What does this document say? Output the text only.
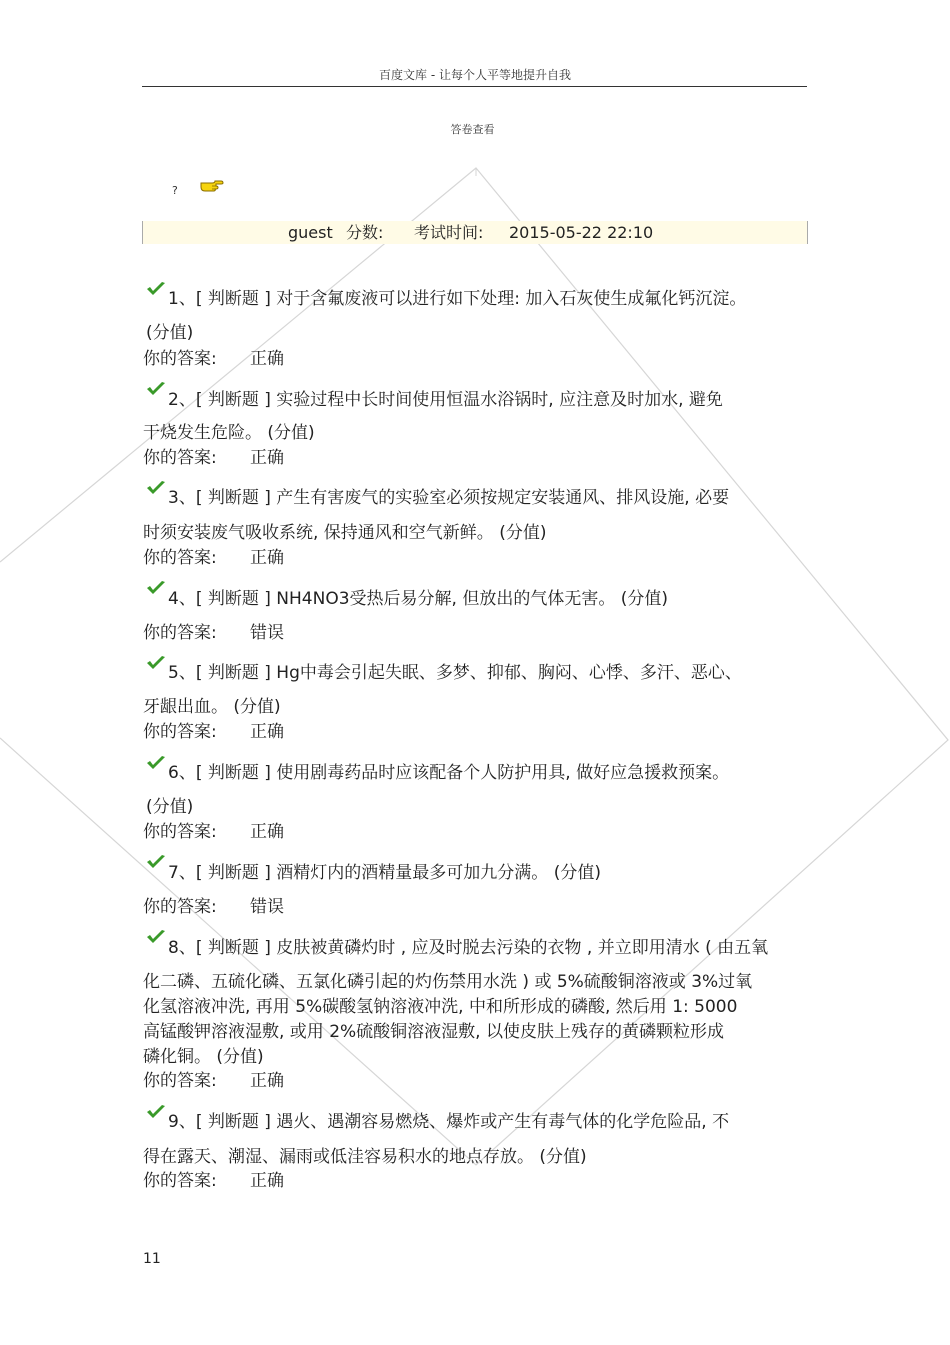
百度文库 - 让每个人平等地提升自我
答卷查看
?
guest 分数: 考试时间: 2015-05-22 22:10
1、[ 判断题 ] 对于含氟废液可以进行如下处理: 加入石灰使生成氟化钙沉淀。
(分值)
你的答案: 正确
2、[ 判断题 ] 实验过程中长时间使用恒温水浴锅时, 应注意及时加水, 避免
干烧发生危险。 (分值)
你的答案: 正确
3、[ 判断题 ] 产生有害废气的实验室必须按规定安装通风、排风设施, 必要
时须安装废气吸收系统, 保持通风和空气新鲜。 (分值)
你的答案: 正确
4、[ 判断题 ] NH4NO3受热后易分解, 但放出的气体无害。 (分值)
你的答案: 错误
5、[ 判断题 ] Hg中毒会引起失眠、多梦、抑郁、胸闷、心悸、多汗、恶心、
牙龈出血。 (分值)
你的答案: 正确
6、[ 判断题 ] 使用剧毒药品时应该配备个人防护用具, 做好应急援救预案。
(分值)
你的答案: 正确
7、[ 判断题 ] 酒精灯内的酒精量最多可加九分满。 (分值)
你的答案: 错误
8、[ 判断题 ] 皮肤被黄磷灼时 , 应及时脱去污染的衣物 , 并立即用清水 ( 由五氧
化二磷、五硫化磷、五氯化磷引起的灼伤禁用水洗 ) 或 5%硫酸铜溶液或 3%过氧
化氢溶液冲洗, 再用 5%碳酸氢钠溶液冲洗, 中和所形成的磷酸, 然后用 1: 5000
高锰酸钾溶液湿敷, 或用 2%硫酸铜溶液湿敷, 以使皮肤上残存的黄磷颗粒形成
磷化铜。 (分值)
你的答案: 正确
9、[ 判断题 ] 遇火、遇潮容易燃烧、爆炸或产生有毒气体的化学危险品, 不
得在露天、潮湿、漏雨或低洼容易积水的地点存放。 (分值)
你的答案: 正确
11
